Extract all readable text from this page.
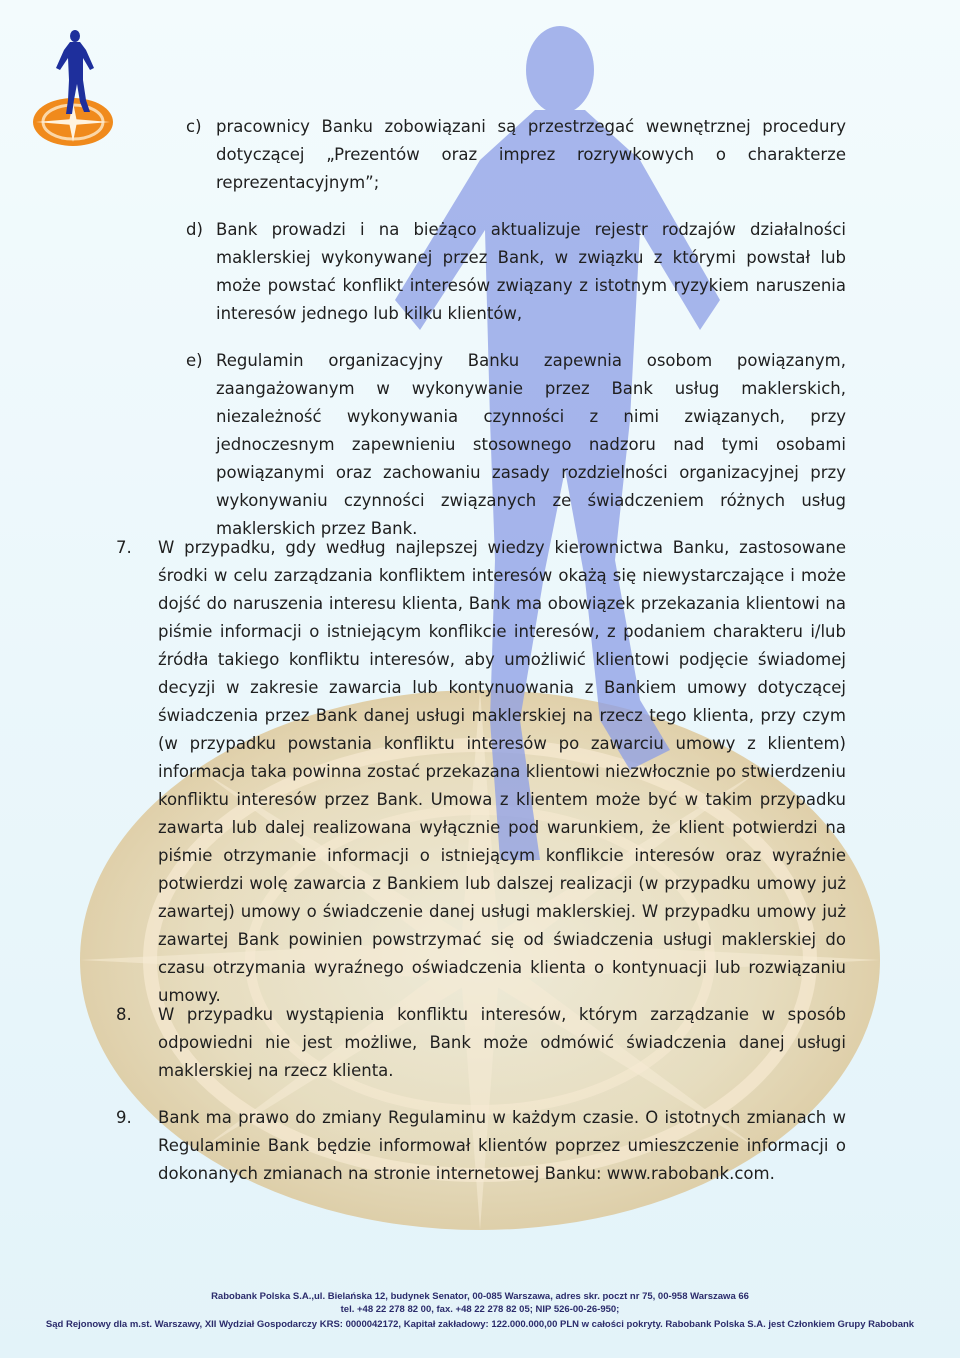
c) pracownicy Banku zobowiązani są przestrzegać wewnętrznej procedury dotyczącej „Prezentów oraz imprez rozrywkowych o charakterze reprezentacyjnym”;
d) Bank prowadzi i na bieżąco aktualizuje rejestr rodzajów działalności maklerskiej wykonywanej przez Bank, w związku z którymi powstał lub może powstać konflikt interesów związany z istotnym ryzykiem naruszenia interesów jednego lub kilku klientów,
e) Regulamin organizacyjny Banku zapewnia osobom powiązanym, zaangażowanym w wykonywanie przez Bank usług maklerskich, niezależność wykonywania czynności z nimi związanych, przy jednoczesnym zapewnieniu stosownego nadzoru nad tymi osobami powiązanymi oraz zachowaniu zasady rozdzielności organizacyjnej przy wykonywaniu czynności związanych ze świadczeniem różnych usług maklerskich przez Bank.
7. W przypadku, gdy według najlepszej wiedzy kierownictwa Banku, zastosowane środki w celu zarządzania konfliktem interesów okażą się niewystarczające i może dojść do naruszenia interesu klienta, Bank ma obowiązek przekazania klientowi na piśmie informacji o istniejącym konflikcie interesów, z podaniem charakteru i/lub źródła takiego konfliktu interesów, aby umożliwić klientowi podjęcie świadomej decyzji w zakresie zawarcia lub kontynuowania z Bankiem umowy dotyczącej świadczenia przez Bank danej usługi maklerskiej na rzecz tego klienta, przy czym (w przypadku powstania konfliktu interesów po zawarciu umowy z klientem) informacja taka powinna zostać przekazana klientowi niezwłocznie po stwierdzeniu konfliktu interesów przez Bank. Umowa z klientem może być w takim przypadku zawarta lub dalej realizowana wyłącznie pod warunkiem, że klient potwierdzi na piśmie otrzymanie informacji o istniejącym konflikcie interesów oraz wyraźnie potwierdzi wolę zawarcia z Bankiem lub dalszej realizacji (w przypadku umowy już zawartej) umowy o świadczenie danej usługi maklerskiej. W przypadku umowy już zawartej Bank powinien powstrzymać się od świadczenia usługi maklerskiej do czasu otrzymania wyraźnego oświadczenia klienta o kontynuacji lub rozwiązaniu umowy.
8. W przypadku wystąpienia konfliktu interesów, którym zarządzanie w sposób odpowiedni nie jest możliwe, Bank może odmówić świadczenia danej usługi maklerskiej na rzecz klienta.
9. Bank ma prawo do zmiany Regulaminu w każdym czasie. O istotnych zmianach w Regulaminie Bank będzie informował klientów poprzez umieszczenie informacji o dokonanych zmianach na stronie internetowej Banku: www.rabobank.com.
Rabobank Polska S.A.,ul. Bielańska 12, budynek Senator, 00-085 Warszawa, adres skr. poczt nr 75, 00-958 Warszawa 66
tel. +48 22 278 82 00, fax. +48 22 278 82 05; NIP 526-00-26-950;
Sąd Rejonowy dla m.st. Warszawy, XII Wydział Gospodarczy KRS: 0000042172, Kapitał zakładowy: 122.000.000,00 PLN w całości pokryty. Rabobank Polska S.A. jest Członkiem Grupy Rabobank
